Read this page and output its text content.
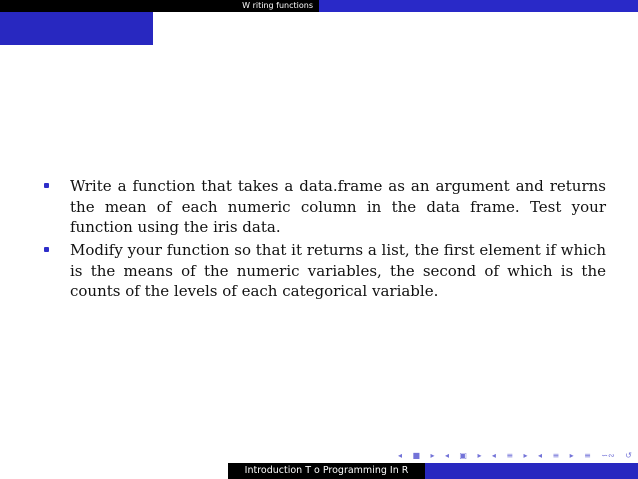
W riting functions
Write a function that takes a data.frame as an argument and returns the mean of each numeric column in the data frame. Test your function using the iris data.
Modify your function so that it returns a list, the first element if which is the means of the numeric variables, the second of which is the counts of the levels of each categorical variable.
◂ ■ ▸ ◂ ▣ ▸ ◂ ≡ ▸ ◂ ≡ ▸ ≡ ∽∾ ↺
Introduction T o Programming In R
